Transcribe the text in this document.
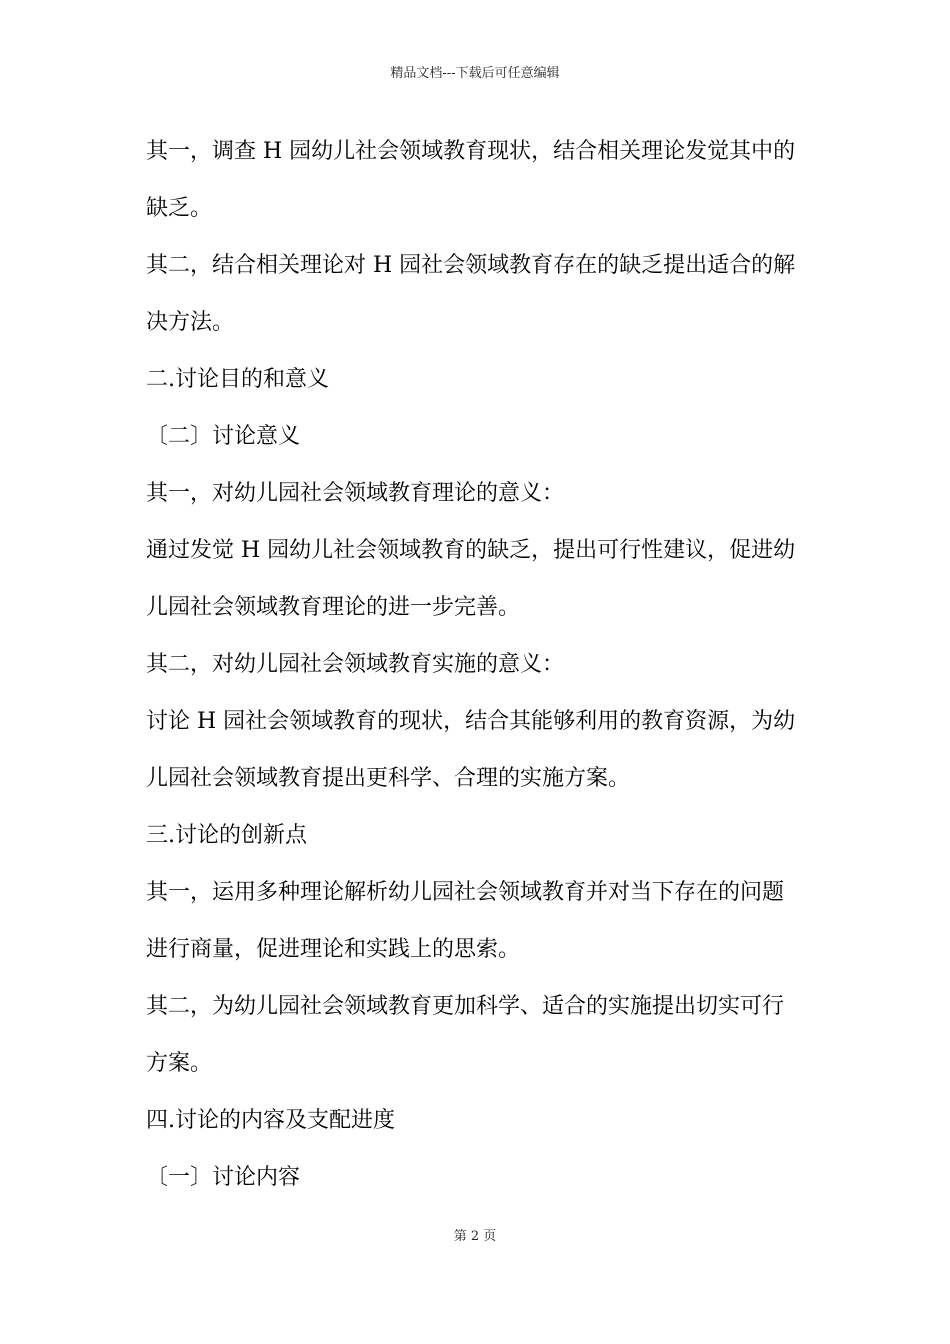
精品文档---下载后可任意编辑
其一，调查 H 园幼儿社会领域教育现状，结合相关理论发觉其中的
缺乏。
其二，结合相关理论对 H 园社会领域教育存在的缺乏提出适合的解
决方法。
二.讨论目的和意义
〔二〕讨论意义
其一，对幼儿园社会领域教育理论的意义：
通过发觉 H 园幼儿社会领域教育的缺乏，提出可行性建议，促进幼
儿园社会领域教育理论的进一步完善。
其二，对幼儿园社会领域教育实施的意义：
讨论 H 园社会领域教育的现状，结合其能够利用的教育资源，为幼
儿园社会领域教育提出更科学、合理的实施方案。
三.讨论的创新点
其一，运用多种理论解析幼儿园社会领域教育并对当下存在的问题
进行商量，促进理论和实践上的思索。
其二，为幼儿园社会领域教育更加科学、适合的实施提出切实可行
方案。
四.讨论的内容及支配进度
〔一〕讨论内容
第 2 页
